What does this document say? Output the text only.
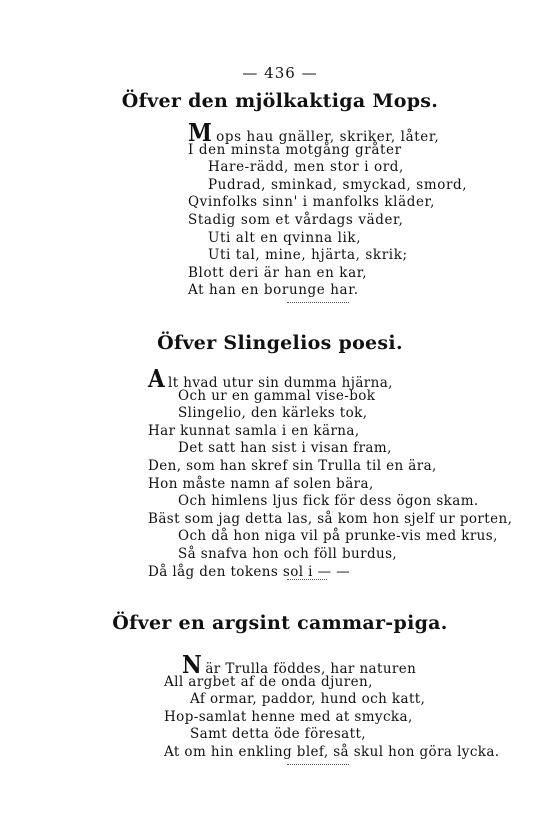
— 436 —
Öfver den mjölkaktiga Mops.
Mops hau gnäller, skriker, låter,
I den minsta motgång gråter
Hare-rädd, men stor i ord,
Pudrad, sminkad, smyckad, smord,
Qvinfolks sinn' i manfolks kläder,
Stadig som et vårdags väder,
Uti alt en qvinna lik,
Uti tal, mine, hjärta, skrik;
Blott deri är han en kar,
At han en borunge har.
Öfver Slingelios poesi.
Alt hvad utur sin dumma hjärna,
Och ur en gammal vise-bok
Slingelio, den kärleks tok,
Har kunnat samla i en kärna,
Det satt han sist i visan fram,
Den, som han skref sin Trulla til en ära,
Hon måste namn af solen bära,
Och himlens ljus fick för dess ögon skam.
Bäst som jag detta las, så kom hon sjelf ur porten,
Och då hon niga vil på prunke-vis med krus,
Så snafva hon och föll burdus,
Då låg den tokens sol i — —
Öfver en argsint cammar-piga.
När Trulla föddes, har naturen
All argbet af de onda djuren,
Af ormar, paddor, hund och katt,
Hop-samlat henne med at smycka,
Samt detta öde föresatt,
At om hin enkling blef, så skul hon göra lycka.
